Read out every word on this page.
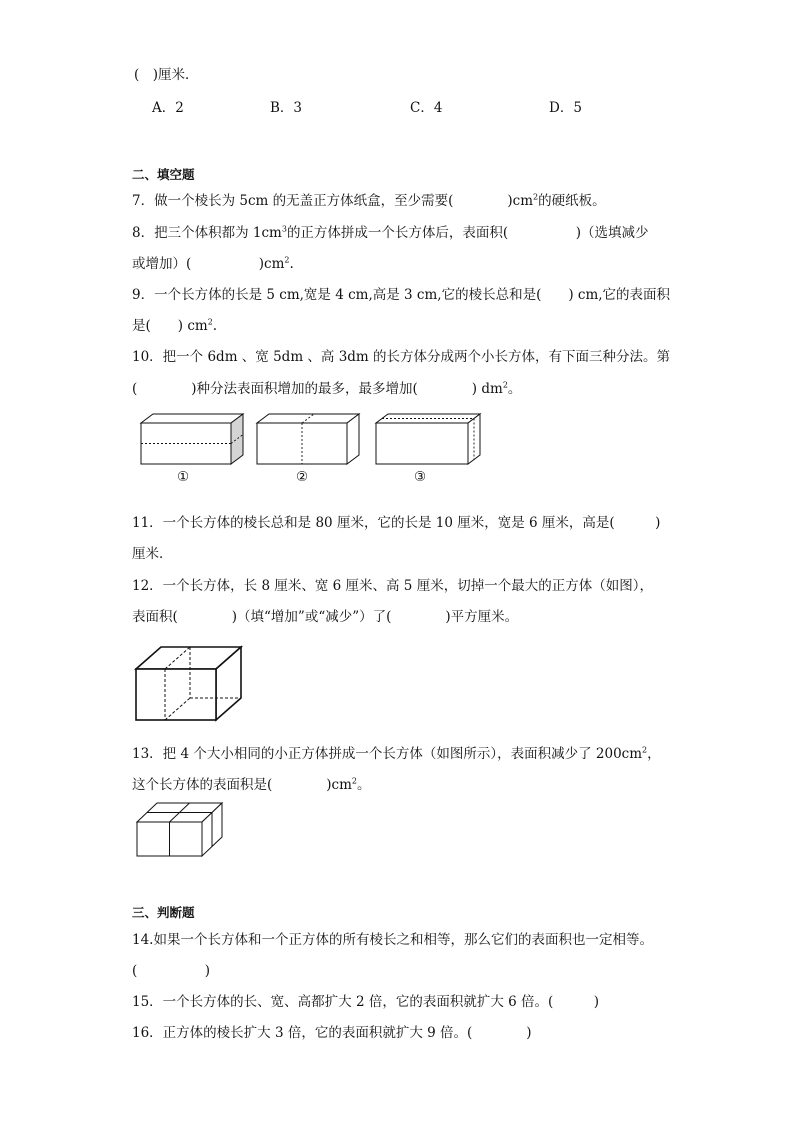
(　)厘米．
A．2	B．3	C．4	D．5
二、填空题
7．做一个棱长为 5cm 的无盖正方体纸盒，至少需要(　　　　)$cm^2$的硬纸板。
8．把三个体积都为 $1cm^3$的正方体拼成一个长方体后，表面积(　　　　　)（选填减少
或增加）(　　　　　)$cm^2$.
9．一个长方体的长是 5 cm,宽是 4 cm,高是 3 cm,它的棱长总和是(　　) cm,它的表面积
是(　　) $cm^2$.
10．把一个 6dm 、宽 5dm 、高 3dm 的长方体分成两个小长方体，有下面三种分法。第
(　　　　)种分法表面积增加的最多，最多增加(　　　　) $dm^2$。
①	②	③
11．一个长方体的棱长总和是 80 厘米，它的长是 10 厘米，宽是 6 厘米，高是(　　　)
厘米．
12．一个长方体，长 8 厘米、宽 6 厘米、高 5 厘米，切掉一个最大的正方体（如图），
表面积(　　　　)（填“增加”或“减少”）了(　　　　)平方厘米。
13．把 4 个大小相同的小正方体拼成一个长方体（如图所示），表面积减少了 $200cm^2$，
这个长方体的表面积是(　　　　)$cm^2$。
三、判断题
14.如果一个长方体和一个正方体的所有棱长之和相等，那么它们的表面积也一定相等。
(　　　　　)
15．一个长方体的长、宽、高都扩大 2 倍，它的表面积就扩大 6 倍。(　　　)
16．正方体的棱长扩大 3 倍，它的表面积就扩大 9 倍。(　　　　)
